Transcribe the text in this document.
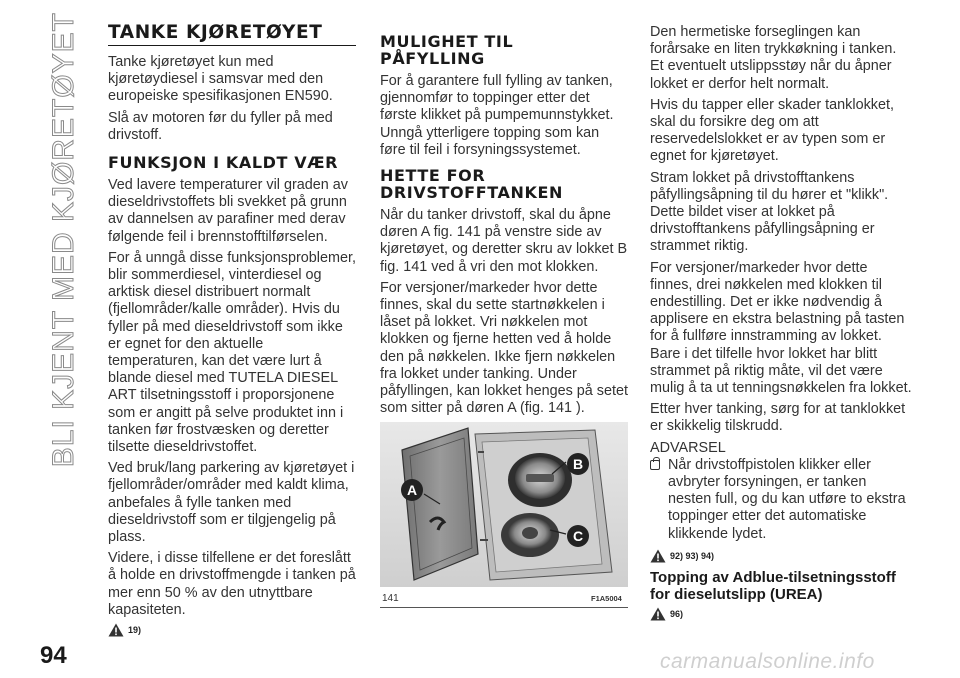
BLI KJENT MED KJØRETØYET TANKE KJØRETØYET

Tanke kjøretøyet kun med kjøretøydiesel i samsvar med den europeiske spesifikasjonen EN590.

Slå av motoren før du fyller på med drivstoff.

FUNKSJON I KALDT VÆR

Ved lavere temperaturer vil graden av dieseldrivstoffets bli svekket på grunn av dannelsen av parafiner med derav følgende feil i brennstofftilførselen.

For å unngå disse funksjonsproblemer, blir sommerdiesel, vinterdiesel og arktisk diesel distribuert normalt (fjellområder/kalle områder). Hvis du fyller på med dieseldrivstoff som ikke er egnet for den aktuelle temperaturen, kan det være lurt å blande diesel med TUTELA DIESEL ART tilsetningsstoff i proporsjonene som er angitt på selve produktet inn i tanken før frostvæsken og deretter tilsette dieseldrivstoffet.

Ved bruk/lang parkering av kjøretøyet i fjellområder/områder med kaldt klima, anbefales å fylle tanken med dieseldrivstoff som er tilgjengelig på plass.

Videre, i disse tilfellene er det foreslått å holde en drivstoffmengde i tanken på mer enn 50 % av den utnyttbare kapasiteten.

19)
MULIGHET TIL PÅFYLLING

For å garantere full fylling av tanken, gjennomfør to toppinger etter det første klikket på pumpemunnstykket. Unngå ytterligere topping som kan føre til feil i forsyningssystemet.

HETTE FOR DRIVSTOFFTANKEN

Når du tanker drivstoff, skal du åpne døren A fig. 141 på venstre side av kjøretøyet, og deretter skru av lokket B fig. 141 ved å vri den mot klokken.

For versjoner/markeder hvor dette finnes, skal du sette startnøkkelen i låset på lokket. Vri nøkkelen mot klokken og fjerne hetten ved å holde den på nøkkelen. Ikke fjern nøkkelen fra lokket under tanking. Under påfyllingen, kan lokket henges på setet som sitter på døren A (fig. 141 ).

A
B
C
141	F1A5004

Den hermetiske forseglingen kan forårsake en liten trykkøkning i tanken. Et eventuelt utslippsstøy når du åpner lokket er derfor helt normalt.

Hvis du tapper eller skader tanklokket, skal du forsikre deg om att reservedelslokket er av typen som er egnet for kjøretøyet.

Stram lokket på drivstofftankens påfyllingsåpning til du hører et "klikk". Dette bildet viser at lokket på drivstofftankens påfyllingsåpning er strammet riktig.

For versjoner/markeder hvor dette finnes, drei nøkkelen med klokken til endestilling. Det er ikke nødvendig å applisere en ekstra belastning på tasten for å fullføre innstramming av lokket. Bare i det tilfelle hvor lokket har blitt strammet på riktig måte, vil det være mulig å ta ut tenningsnøkkelen fra lokket.

Etter hver tanking, sørg for at tanklokket er skikkelig tilskrudd.

ADVARSEL

Når drivstoffpistolen klikker eller avbryter forsyningen, er tanken nesten full, og du kan utføre to ekstra toppinger etter det automatiske klikkende lydet.
92) 93) 94)
Topping av Adblue-tilsetningsstoff for dieselutslipp (UREA)
96)
94	carmanualsonline.info
